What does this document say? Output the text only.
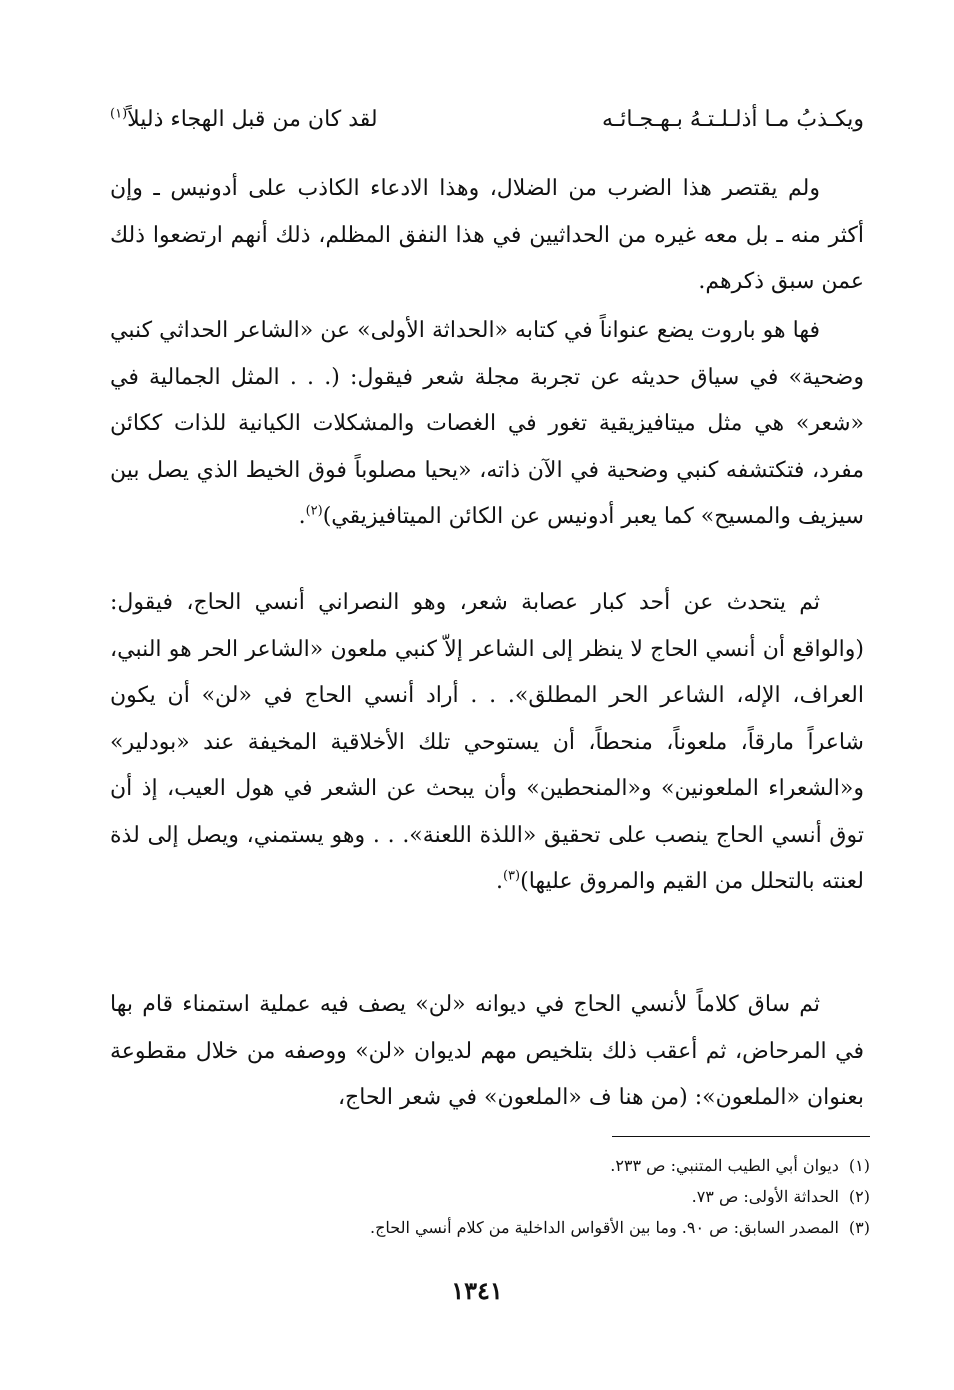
ويكـذبُ مـا أذلـلـتـهُ بـهـجـائـه
لقد كان من قبل الهجاء ذليلاً$^{(١)}$

ولم يقتصر هذا الضرب من الضلال، وهذا الادعاء الكاذب على أدونيس ـ وإن أكثر منه ـ بل معه غيره من الحداثيين في هذا النفق المظلم، ذلك أنهم ارتضعوا ذلك عمن سبق ذكرهم.

فها هو باروت يضع عنواناً في كتابه «الحداثة الأولى» عن «الشاعر الحداثي كنبي وضحية» في سياق حديثه عن تجربة مجلة شعر فيقول: (. . . المثل الجمالية في «شعر» هي مثل ميتافيزيقية تغور في الغصات والمشكلات الكيانية للذات ككائن مفرد، فتكتشفه كنبي وضحية في الآن ذاته، «يحيا مصلوباً فوق الخيط الذي يصل بين سيزيف والمسيح» كما يعبر أدونيس عن الكائن الميتافيزيقي)$^{(٢)}$.

ثم يتحدث عن أحد كبار عصابة شعر، وهو النصراني أنسي الحاج، فيقول: (والواقع أن أنسي الحاج لا ينظر إلى الشاعر إلاّ كنبي ملعون «الشاعر الحر هو النبي، العراف، الإله، الشاعر الحر المطلق». . . أراد أنسي الحاج في «لن» أن يكون شاعراً مارقاً، ملعوناً، منحطاً، أن يستوحي تلك الأخلاقية المخيفة عند «بودلير» و«الشعراء الملعونين» و«المنحطين» وأن يبحث عن الشعر في هول العيب، إذ أن توق أنسي الحاج ينصب على تحقيق «اللذة اللعنة». . . وهو يستمني، ويصل إلى لذة لعنته بالتحلل من القيم والمروق عليها)$^{(٣)}$.

ثم ساق كلاماً لأنسي الحاج في ديوانه «لن» يصف فيه عملية استمناء قام بها في المرحاض، ثم أعقب ذلك بتلخيص مهم لديوان «لن» ووصفه من خلال مقطوعة بعنوان «الملعون»: (من هنا ف «الملعون» في شعر الحاج،

(١)ديوان أبي الطيب المتنبي: ص ٢٣٣.
(٢)الحداثة الأولى: ص ٧٣.
(٣)المصدر السابق: ص ٩٠. وما بين الأقواس الداخلية من كلام أنسي الحاج.
١٣٤١
